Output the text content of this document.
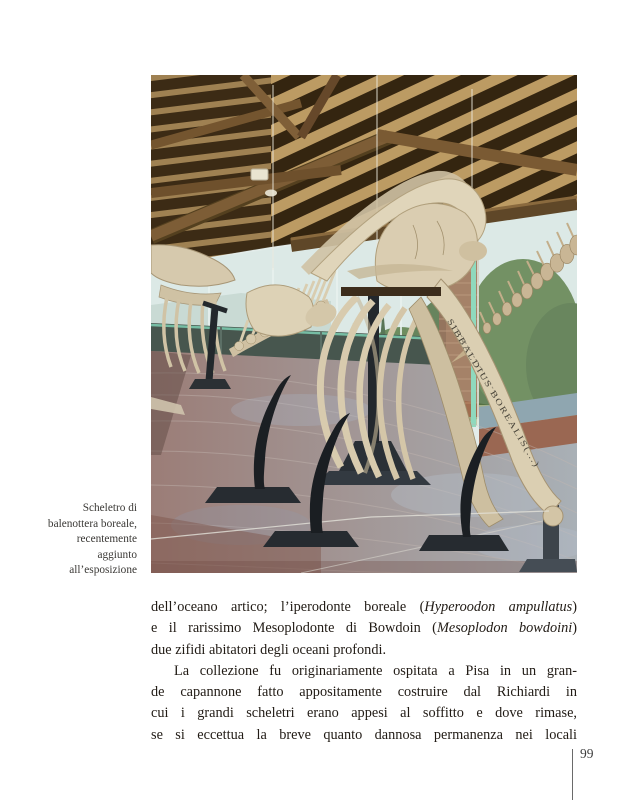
SIBBALDIUS BOREALIS(...)
Scheletro di
balenottera boreale,
recentemente
aggiunto
all’esposizione
dell’oceano artico; l’iperodonte boreale (Hyperoodon ampullatus)
e il rarissimo Mesoplodonte di Bowdoin (Mesoplodon bowdoini)
due zifidi abitatori degli oceani profondi.
La collezione fu originariamente ospitata a Pisa in un gran-
de capannone fatto appositamente costruire dal Richiardi in
cui i grandi scheletri erano appesi al soffitto e dove rimase,
se si eccettua la breve quanto dannosa permanenza nei locali
99
